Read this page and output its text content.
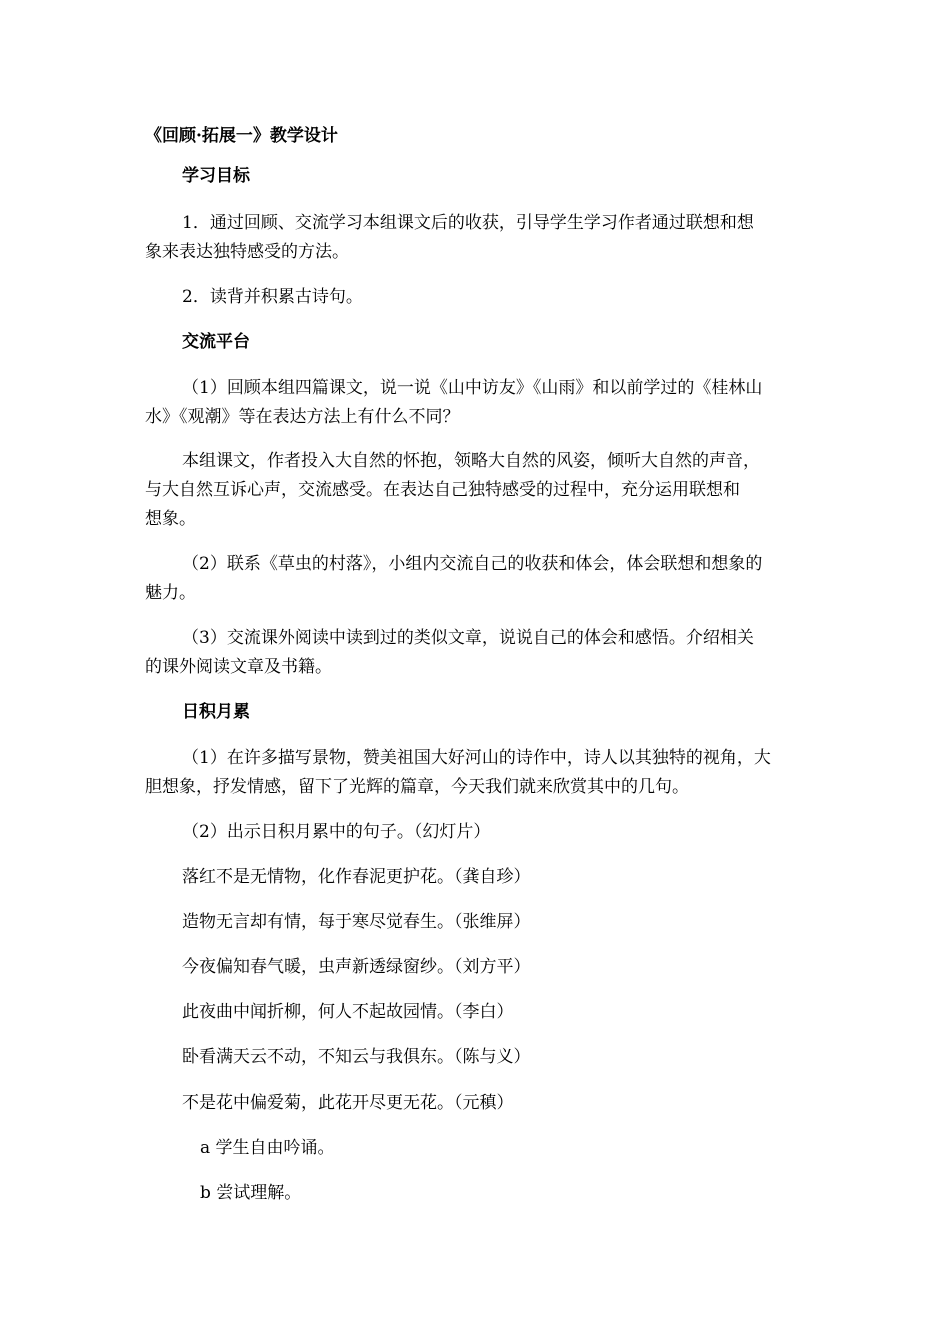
《回顾·拓展一》教学设计
学习目标
1．通过回顾、交流学习本组课文后的收获，引导学生学习作者通过联想和想
象来表达独特感受的方法。
2．读背并积累古诗句。
交流平台
（1）回顾本组四篇课文，说一说《山中访友》《山雨》和以前学过的《桂林山
水》《观潮》等在表达方法上有什么不同？
本组课文，作者投入大自然的怀抱，领略大自然的风姿，倾听大自然的声音，
与大自然互诉心声，交流感受。在表达自己独特感受的过程中，充分运用联想和
想象。
（2）联系《草虫的村落》，小组内交流自己的收获和体会，体会联想和想象的
魅力。
（3）交流课外阅读中读到过的类似文章，说说自己的体会和感悟。介绍相关
的课外阅读文章及书籍。
日积月累
（1）在许多描写景物，赞美祖国大好河山的诗作中，诗人以其独特的视角，大
胆想象，抒发情感，留下了光辉的篇章，今天我们就来欣赏其中的几句。
（2）出示日积月累中的句子。（幻灯片）
落红不是无情物，化作春泥更护花。（龚自珍）
造物无言却有情，每于寒尽觉春生。（张维屏）
今夜偏知春气暖，虫声新透绿窗纱。（刘方平）
此夜曲中闻折柳，何人不起故园情。（李白）
卧看满天云不动，不知云与我俱东。（陈与义）
不是花中偏爱菊，此花开尽更无花。（元稹）
a 学生自由吟诵。
b 尝试理解。
